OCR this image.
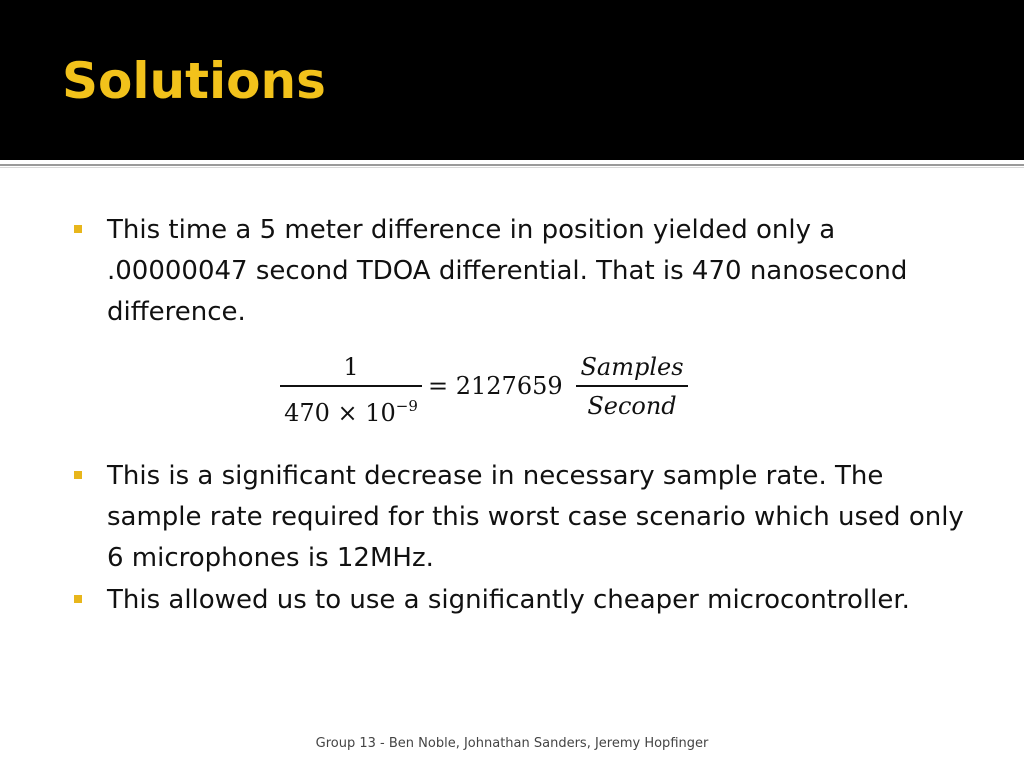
Solutions
This time a 5 meter difference in position yielded only a .00000047 second TDOA differential. That is 470 nanosecond difference.
1
$470 \times 10^{-9}$
= 2127659
Samples
Second
This is a significant decrease in necessary sample rate. The sample rate required for this worst case scenario which used only 6 microphones is 12MHz.
This allowed us to use a significantly cheaper microcontroller.
Group 13 - Ben Noble, Johnathan Sanders, Jeremy Hopfinger
